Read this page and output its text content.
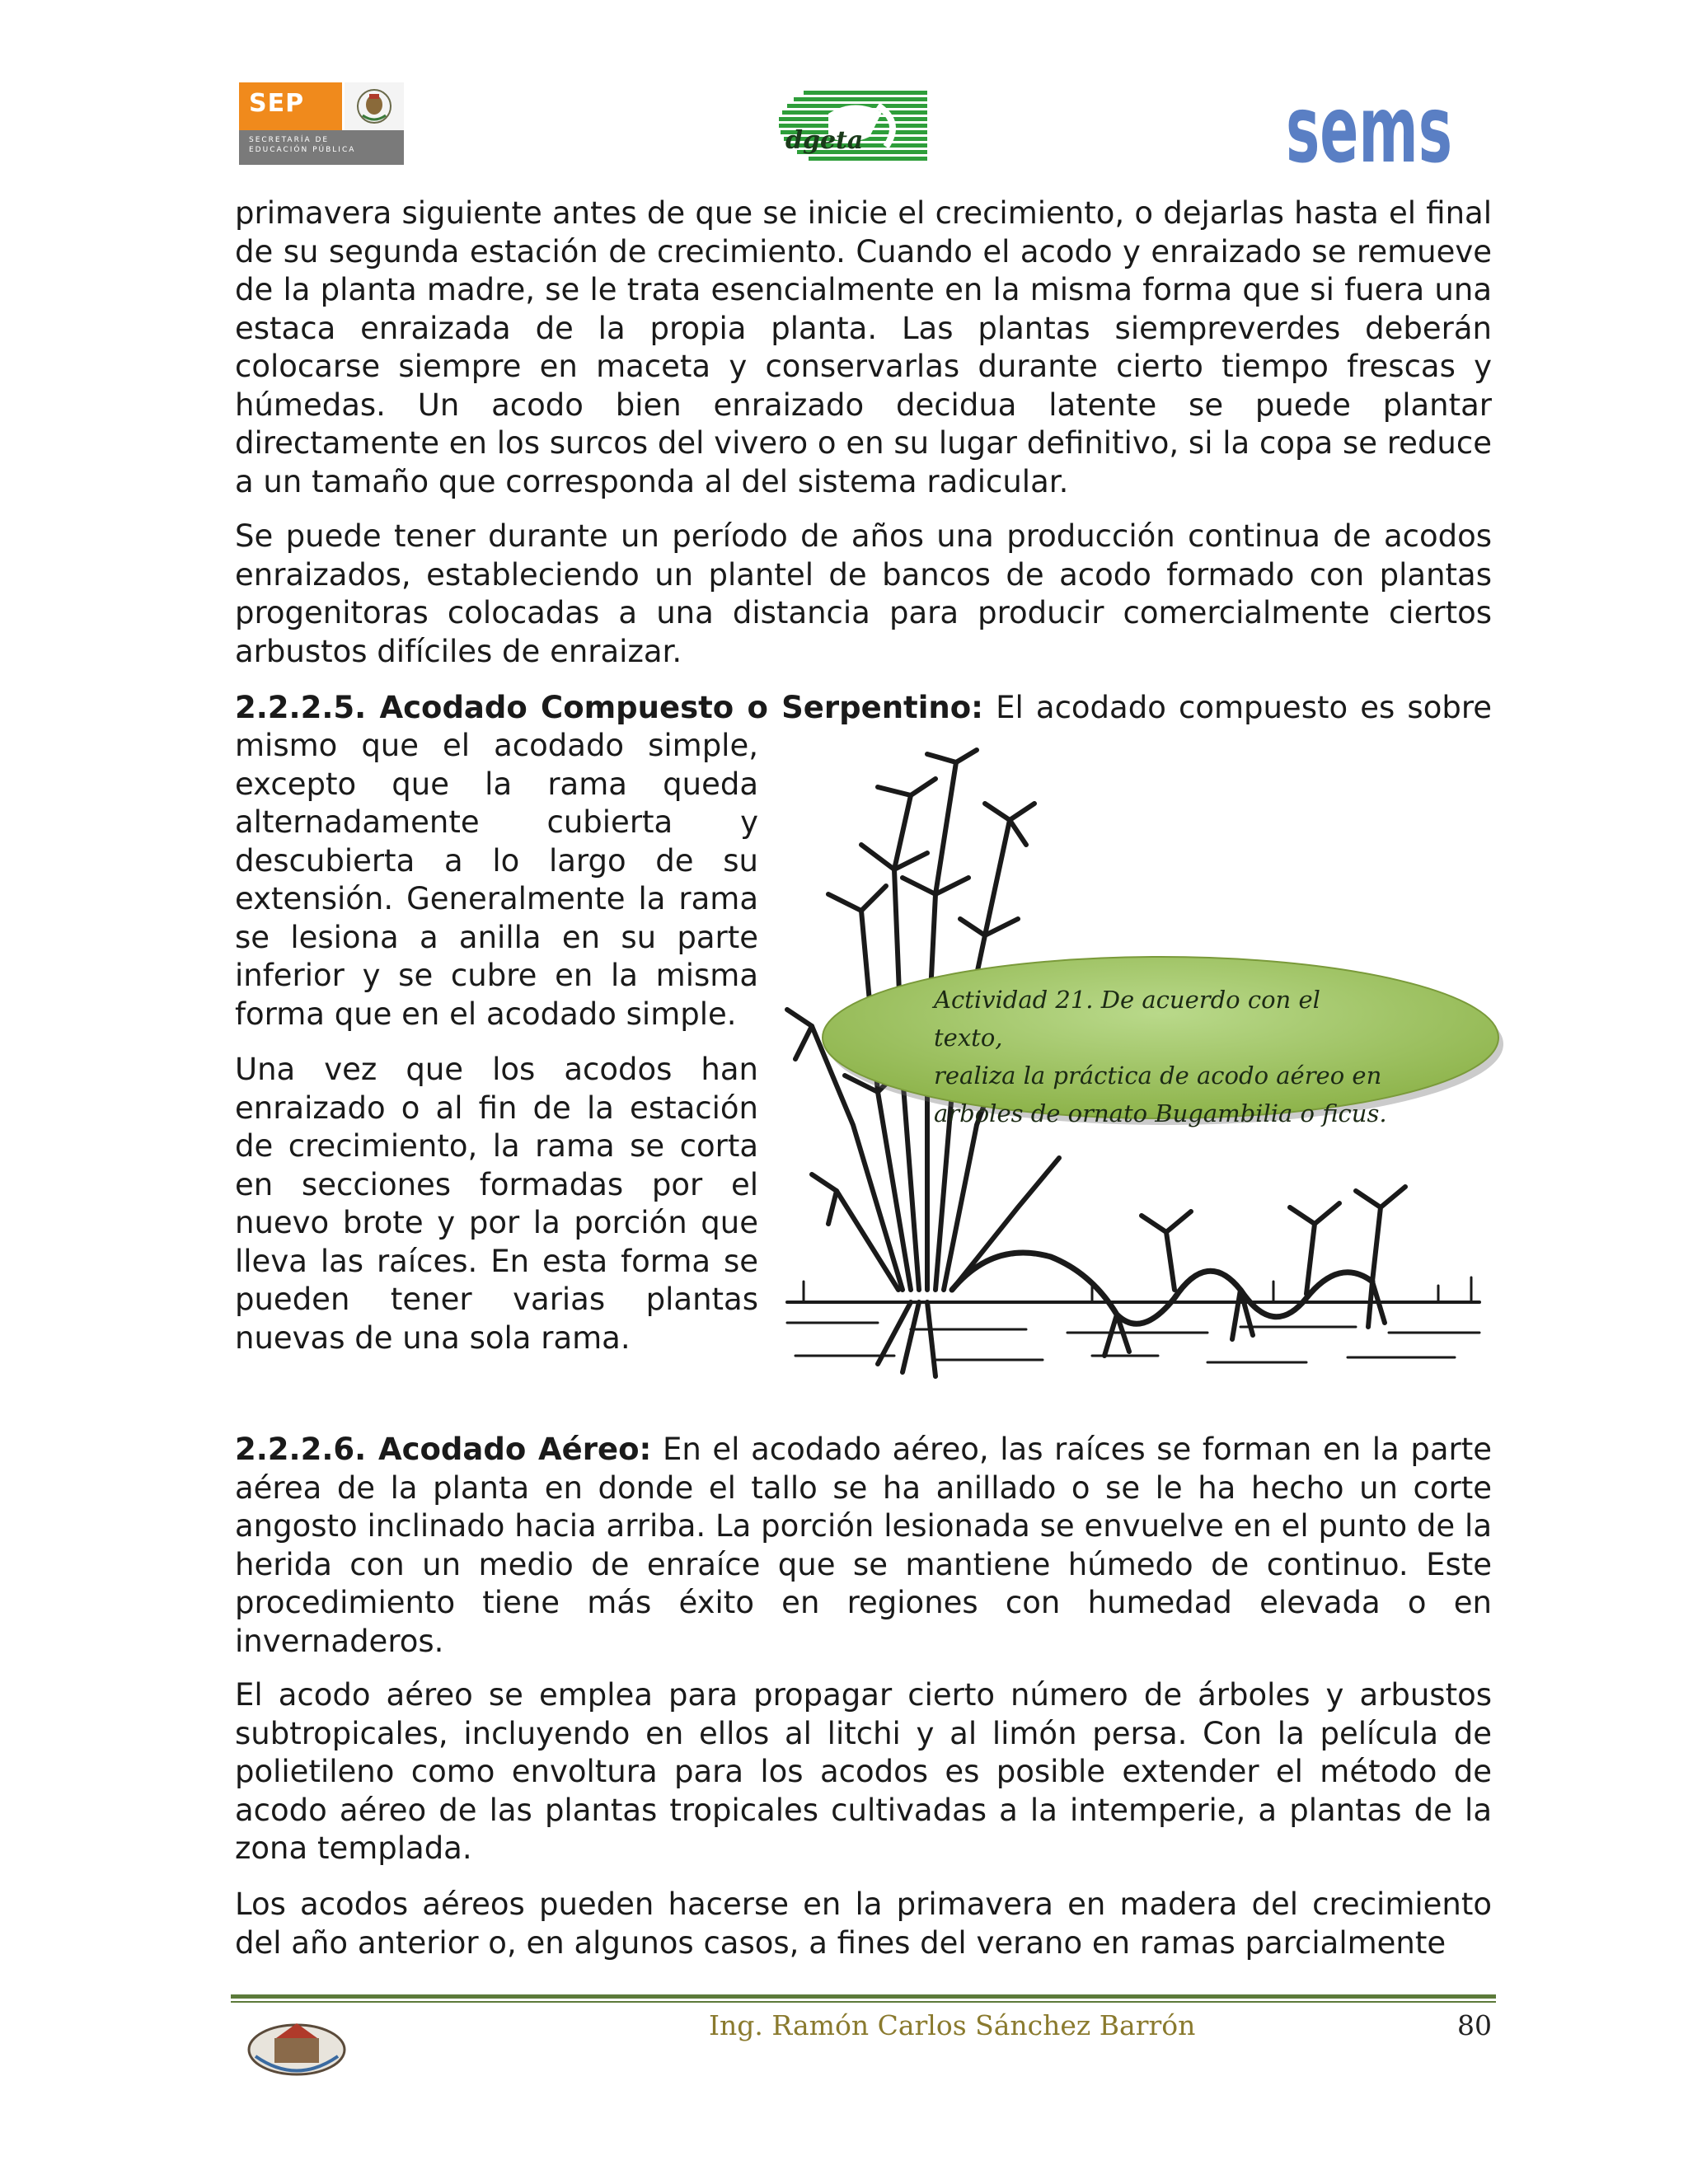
SEP
SECRETARÍA DE
EDUCACIÓN PÚBLICA	dgeta	sems

primavera siguiente antes de que se inicie el crecimiento, o dejarlas hasta el final de su segunda estación de crecimiento. Cuando el acodo y enraizado se remueve de la planta madre, se le trata esencialmente en la misma forma que si fuera una estaca enraizada de la propia planta. Las plantas siempreverdes deberán colocarse siempre en maceta y conservarlas durante cierto tiempo frescas y húmedas. Un acodo bien enraizado decidua latente se puede plantar directamente en los surcos del vivero o en su lugar definitivo, si la copa se reduce a un tamaño que corresponda al del sistema radicular.

Se puede tener durante un período de años una producción continua de acodos enraizados, estableciendo un plantel de bancos de acodo formado con plantas progenitoras colocadas a una distancia para producir comercialmente ciertos arbustos difíciles de enraizar.

2.2.2.5. Acodado Compuesto o Serpentino: El acodado compuesto es sobre

mismo que el acodado simple, excepto que la rama queda alternadamente cubierta y descubierta a lo largo de su extensión. Generalmente la rama se lesiona a anilla en su parte inferior y se cubre en la misma forma que en el acodado simple.

Una vez que los acodos han enraizado o al fin de la estación de crecimiento, la rama se corta en secciones formadas por el nuevo brote y por la porción que lleva las raíces. En esta forma se pueden tener varias plantas nuevas de una sola rama.

Actividad 21. De acuerdo con el texto,
realiza la práctica de acodo aéreo en
arboles de ornato Bugambilia o ficus.

2.2.2.6. Acodado Aéreo: En el acodado aéreo, las raíces se forman en la parte aérea de la planta en donde el tallo se ha anillado o se le ha hecho un corte angosto inclinado hacia arriba. La porción lesionada se envuelve en el punto de la herida con un medio de enraíce que se mantiene húmedo de continuo. Este procedimiento tiene más éxito en regiones con humedad elevada o en invernaderos.

El acodo aéreo se emplea para propagar cierto número de árboles y arbustos subtropicales, incluyendo en ellos al litchi y al limón persa. Con la película de polietileno como envoltura para los acodos es posible extender el método de acodo aéreo de las plantas tropicales cultivadas a la intemperie, a plantas de la zona templada.

Los acodos aéreos pueden hacerse en la primavera en madera del crecimiento del año anterior o, en algunos casos, a fines del verano en ramas parcialmente

Ing. Ramón Carlos Sánchez Barrón	80
